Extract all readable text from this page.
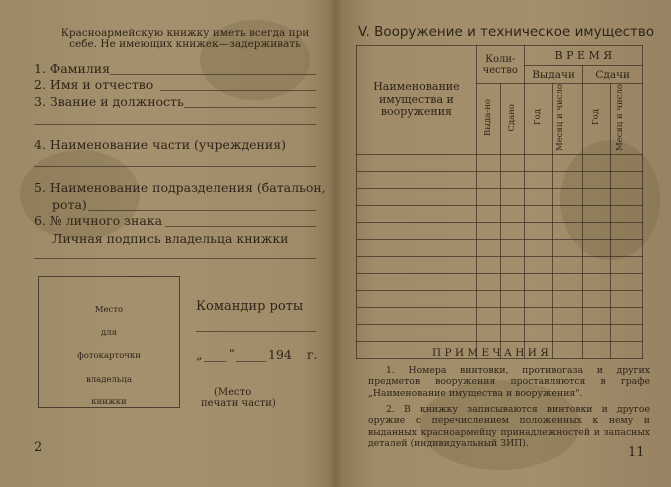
Красноармейскую книжку иметь всегда при себе. Не имеющих книжек—задерживать
1. Фамилия
2. Имя и отчество
3. Звание и должность
4. Наименование части (учреждения)
5. Наименование подразделения (батальон,
рота)
6. № личного знака
Личная подпись владельца книжки
Место
для
фотокарточки
владельца
книжки
Командир роты
„ "	194 г.
(Место
печати части)
2
V. Вооружение и техническое имущество
Наименование имущества и вооружения	Коли-чество		В Р Е М Я			
			Выдачи		Сдачи	
	Выда-но	Сдано	Год	Месяц и число	Год	Месяц и число

П Р И М Е Ч А Н И Я
1. Номера винтовки, противогаза и других предметов вооружения проставляются в графе „Наименование имущества и вооружения".
2. В книжку записываются винтовки и другое оружие с перечислением положенных к нему и выданных красноармейцу принадлежностей и запасных деталей (индивидуальный ЗИП).
11
